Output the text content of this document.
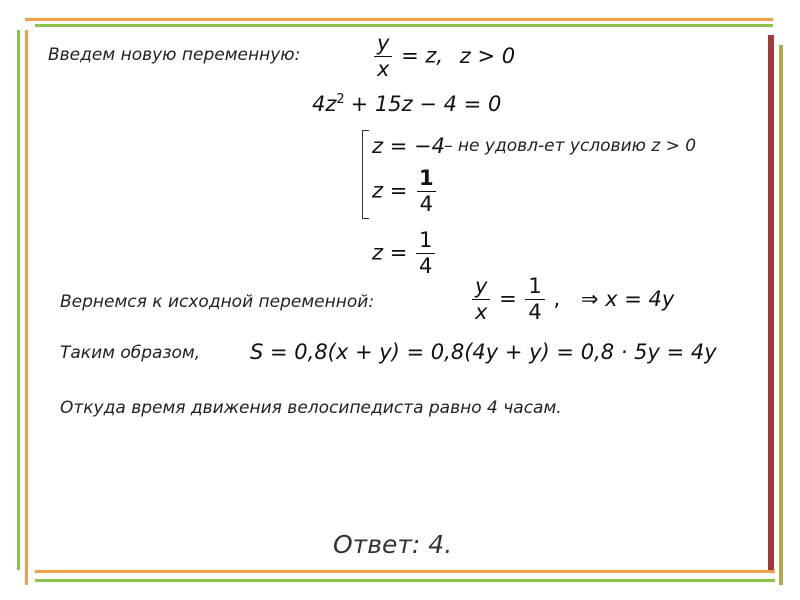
Введем новую переменную:	$\frac{y}{x} = z$, z > 0
$4z^2 + 15z - 4 = 0$
z = −4 – не удовл-ет условию z > 0
$z = \frac{1}{4}$
$z = \frac{1}{4}$
Вернемся к исходной переменной:	$\frac{y}{x} = \frac{1}{4}$ , ⇒ x = 4y
Таким образом, S = 0,8(x + y) = 0,8(4y + y) = 0,8 · 5y = 4y
Откуда время движения велосипедиста равно 4 часам.
Ответ: 4.
